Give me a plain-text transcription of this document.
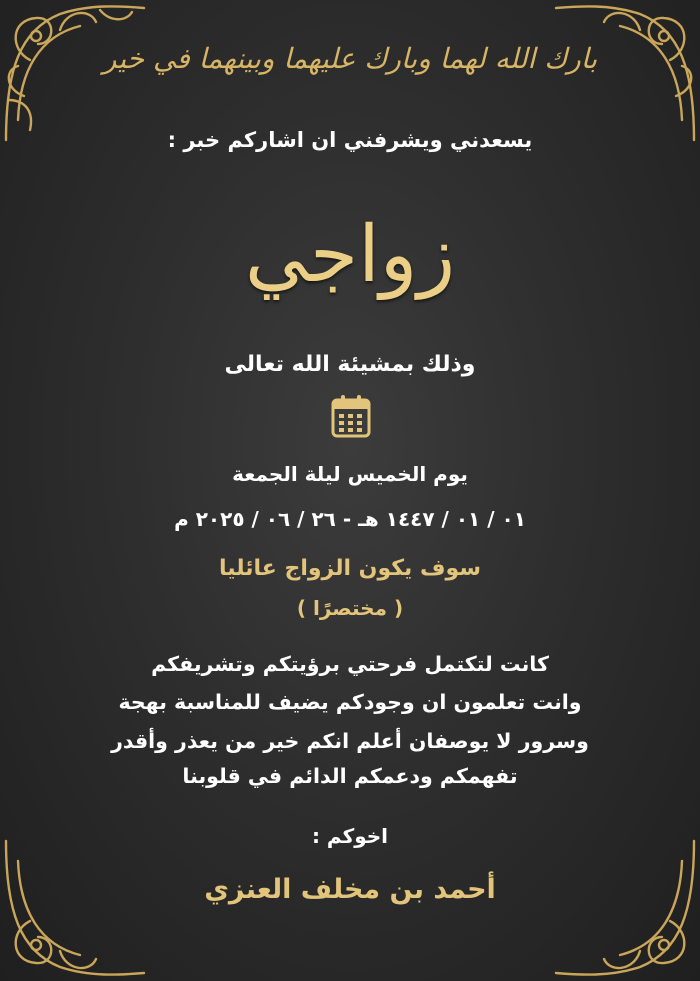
بارك الله لهما وبارك عليهما وبينهما في خير

يسعدني ويشرفني ان اشاركم خبر :

زواجي

وذلك بمشيئة الله تعالى

يوم الخميس ليلة الجمعة

٠١ / ٠١ / ١٤٤٧ هـ - ٢٦ / ٠٦ / ٢٠٢٥ م

سوف يكون الزواج عائليا

( مختصرًا )

كانت لتكتمل فرحتي برؤيتكم وتشريفكم

وانت تعلمون ان وجودكم يضيف للمناسبة بهجة

وسرور لا يوصفان أعلم انكم خير من يعذر وأقدر

تفهمكم ودعمكم الدائم في قلوبنا

اخوكم :

أحمد بن مخلف العنزي
